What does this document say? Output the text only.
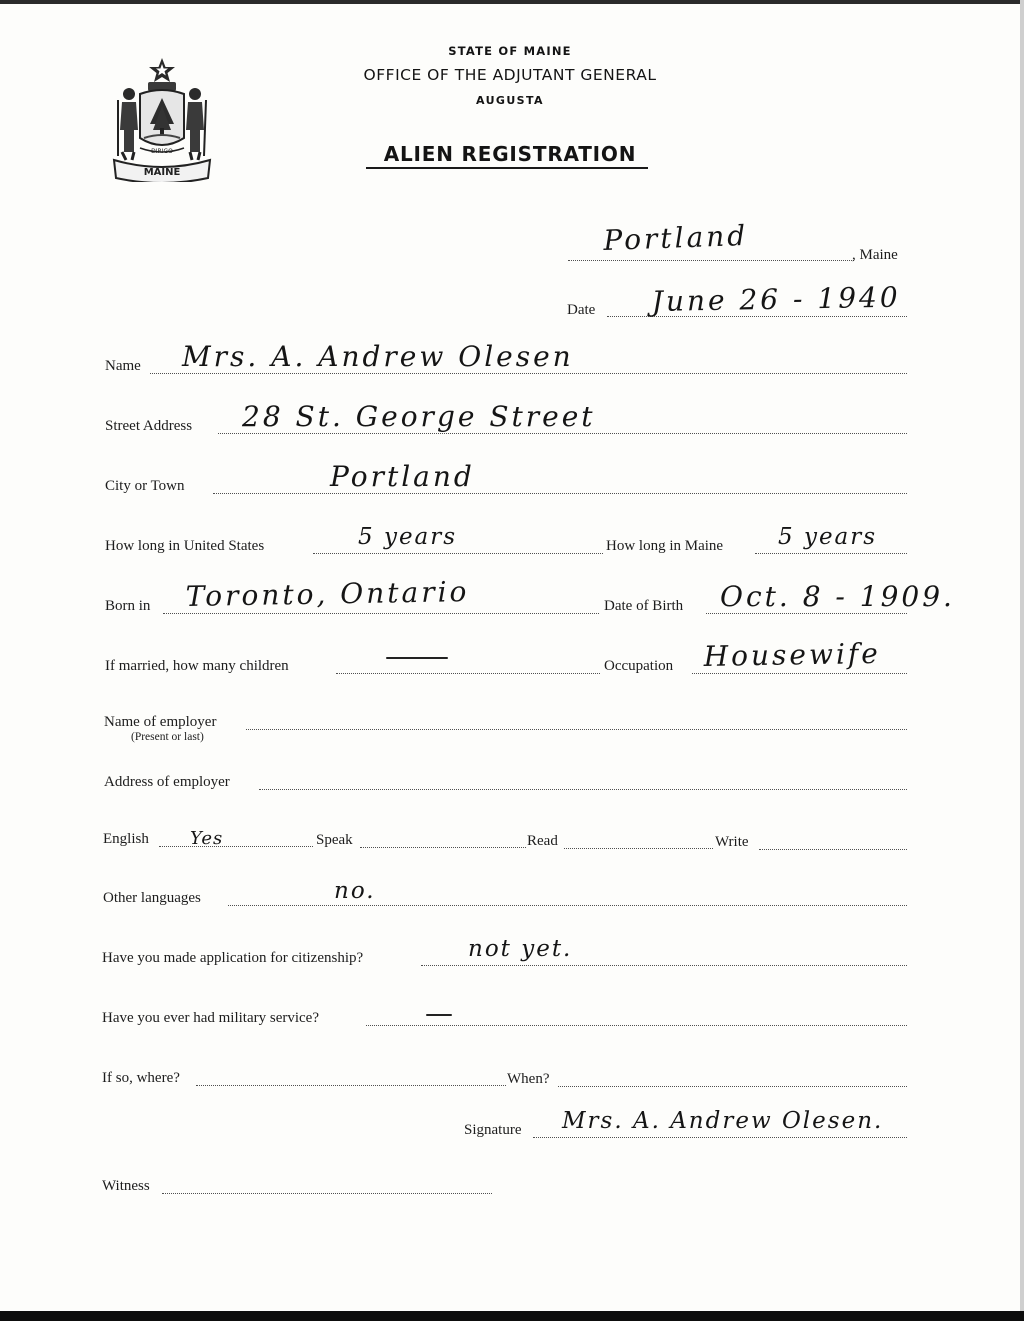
MAINE
DIRIGO
STATE OF MAINE
OFFICE OF THE ADJUTANT GENERAL
AUGUSTA
ALIEN REGISTRATION
Portland	, Maine
Date June 26 - 1940
Name Mrs. A. Andrew Olesen
Street Address 28 St. George Street
City or Town	Portland
How long in United States	5 years	How long in Maine 5 years
Born in Toronto, Ontario	Date of Birth Oct. 8 - 1909.
If married, how many children	Occupation Housewife
Name of employer
(Present or last)
Address of employer
English Yes	Speak	Read	Write
Other languages	no.
Have you made application for citizenship?	not yet.
Have you ever had military service?
If so, where?	When?
Signature Mrs. A. Andrew Olesen.
Witness
